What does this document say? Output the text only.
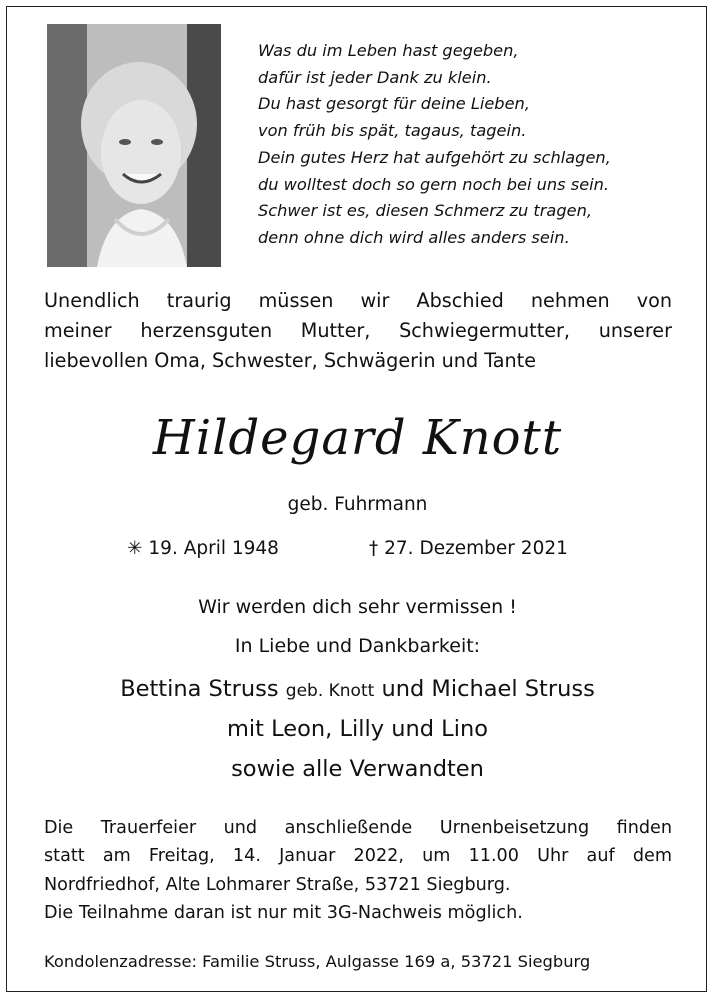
Was du im Leben hast gegeben,
dafür ist jeder Dank zu klein.
Du hast gesorgt für deine Lieben,
von früh bis spät, tagaus, tagein.
Dein gutes Herz hat aufgehört zu schlagen,
du wolltest doch so gern noch bei uns sein.
Schwer ist es, diesen Schmerz zu tragen,
denn ohne dich wird alles anders sein.
Unendlich traurig müssen wir Abschied nehmen von
meiner herzensguten Mutter, Schwiegermutter, unserer
liebevollen Oma, Schwester, Schwägerin und Tante
Hildegard Knott
geb. Fuhrmann
✳ 19. April 1948	† 27. Dezember 2021
Wir werden dich sehr vermissen !
In Liebe und Dankbarkeit:
Bettina Struss geb. Knott und Michael Struss
mit Leon, Lilly und Lino
sowie alle Verwandten
Die Trauerfeier und anschließende Urnenbeisetzung finden
statt am Freitag, 14. Januar 2022, um 11.00 Uhr auf dem
Nordfriedhof, Alte Lohmarer Straße, 53721 Siegburg.
Die Teilnahme daran ist nur mit 3G-Nachweis möglich.
Kondolenzadresse: Familie Struss, Aulgasse 169 a, 53721 Siegburg
